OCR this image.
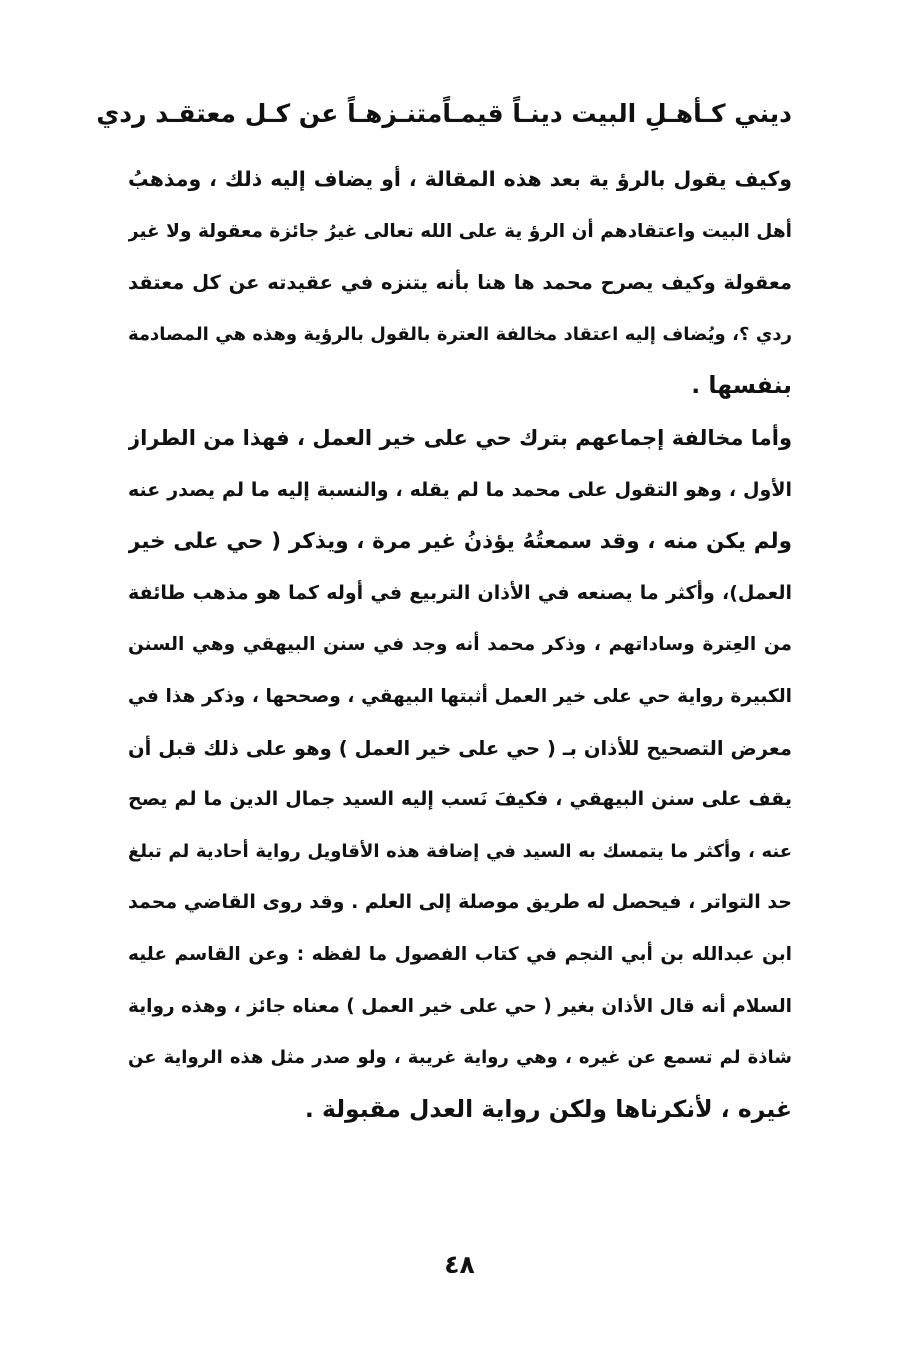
ديني كـأهـلِ البيت دينـاً قيمـاً
متنـزهـاً عن كـل معتقـد ردي
وكيف يقول بالرؤ ية بعد هذه المقالة ، أو يضاف إليه ذلك ، ومذهبُ
أهل البيت واعتقادهم أن الرؤ ية على الله تعالى غيرُ جائزة معقولة ولا غير
معقولة وكيف يصرح محمد ها هنا بأنه يتنزه في عقيدته عن كل معتقد
ردي ؟، ويُضاف إليه اعتقاد مخالفة العترة بالقول بالرؤية وهذه هي المصادمة
بنفسها .
وأما مخالفة إجماعهم بترك حي على خير العمل ، فهذا من الطراز
الأول ، وهو التقول على محمد ما لم يقله ، والنسبة إليه ما لم يصدر عنه
ولم يكن منه ، وقد سمعتُهُ يؤذنُ غير مرة ، ويذكر ( حي على خير
العمل)، وأكثر ما يصنعه في الأذان التربيع في أوله كما هو مذهب طائفة
من العِترة وساداتهم ، وذكر محمد أنه وجد في سنن البيهقي وهي السنن
الكبيرة رواية حي على خير العمل أثبتها البيهقي ، وصححها ، وذكر هذا في
معرض التصحيح للأذان بـ ( حي على خير العمل ) وهو على ذلك قبل أن
يقف على سنن البيهقي ، فكيفَ نَسب إليه السيد جمال الدين ما لم يصح
عنه ، وأكثر ما يتمسك به السيد في إضافة هذه الأقاويل رواية أحادية لم تبلغ
حد التواتر ، فيحصل له طريق موصلة إلى العلم . وقد روى القاضي محمد
ابن عبدالله بن أبي النجم في كتاب الفصول ما لفظه : وعن القاسم عليه
السلام أنه قال الأذان بغير ( حي على خير العمل ) معناه جائز ، وهذه رواية
شاذة لم تسمع عن غيره ، وهي رواية غريبة ، ولو صدر مثل هذه الرواية عن
غيره ، لأنكرناها ولكن رواية العدل مقبولة .
٤٨
